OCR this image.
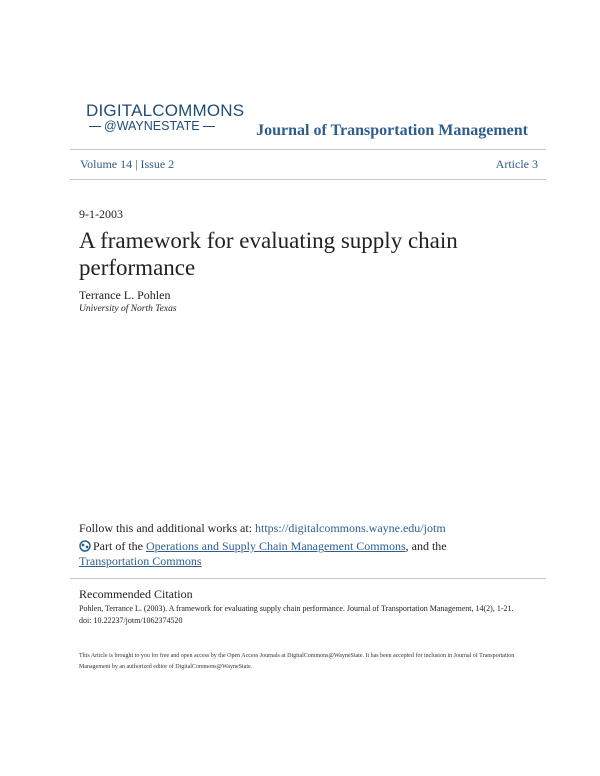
DIGITALCOMMONS
@WAYNESTATE	Journal of Transportation Management
Volume 14 | Issue 2	Article 3
9-1-2003
A framework for evaluating supply chain performance
Terrance L. Pohlen
University of North Texas
Follow this and additional works at: https://digitalcommons.wayne.edu/jotm
Part of the Operations and Supply Chain Management Commons, and the Transportation Commons
Recommended Citation
Pohlen, Terrance L. (2003). A framework for evaluating supply chain performance. Journal of Transportation Management, 14(2), 1-21. doi: 10.22237/jotm/1062374520
This Article is brought to you for free and open access by the Open Access Journals at DigitalCommons@WayneState. It has been accepted for inclusion in Journal of Transportation Management by an authorized editor of DigitalCommons@WayneState.
